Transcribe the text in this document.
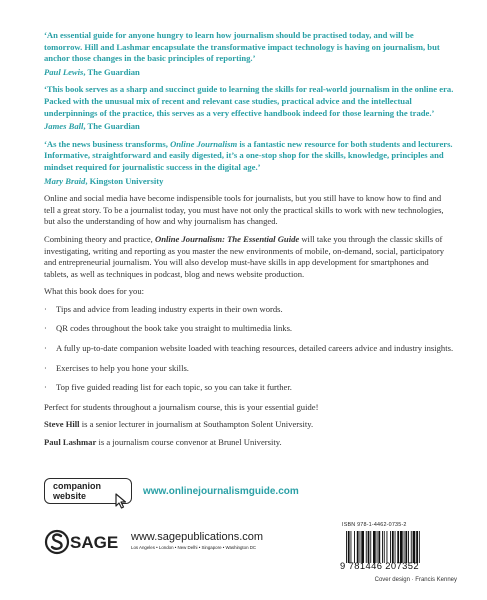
‘An essential guide for anyone hungry to learn how journalism should be practised today, and will be tomorrow. Hill and Lashmar encapsulate the transformative impact technology is having on journalism, but anchor those changes in the basic principles of reporting.’

Paul Lewis, The Guardian

‘This book serves as a sharp and succinct guide to learning the skills for real-world journalism in the online era. Packed with the unusual mix of recent and relevant case studies, practical advice and the intellectual underpinnings of the practice, this serves as a very effective handbook indeed for those learning the trade.’

James Ball, The Guardian

‘As the news business transforms, Online Journalism is a fantastic new resource for both students and lecturers. Informative, straightforward and easily digested, it’s a one-stop shop for the skills, knowledge, principles and mindset required for journalistic success in the digital age.’

Mary Braid, Kingston University

Online and social media have become indispensible tools for journalists, but you still have to know how to find and tell a great story. To be a journalist today, you must have not only the practical skills to work with new technologies, but also the understanding of how and why journalism has changed.

Combining theory and practice, Online Journalism: The Essential Guide will take you through the classic skills of investigating, writing and reporting as you master the new environments of mobile, on-demand, social, participatory and entrepreneurial journalism. You will also develop must-have skills in app development for smartphones and tablets, as well as techniques in podcast, blog and news website production.

What this book does for you:

· Tips and advice from leading industry experts in their own words.
· QR codes throughout the book take you straight to multimedia links.
· A fully up-to-date companion website loaded with teaching resources, detailed careers advice and industry insights.
· Exercises to help you hone your skills.
· Top five guided reading list for each topic, so you can take it further.

Perfect for students throughout a journalism course, this is your essential guide!

Steve Hill is a senior lecturer in journalism at Southampton Solent University.

Paul Lashmar is a journalism course convenor at Brunel University.

companion
website	www.onlinejournalismguide.com
SAGE www.sagepublications.com
Los Angeles • London • New Delhi • Singapore • Washington DC
ISBN 978-1-4462-0735-2
9 781446 207352
Cover design · Francis Kenney
